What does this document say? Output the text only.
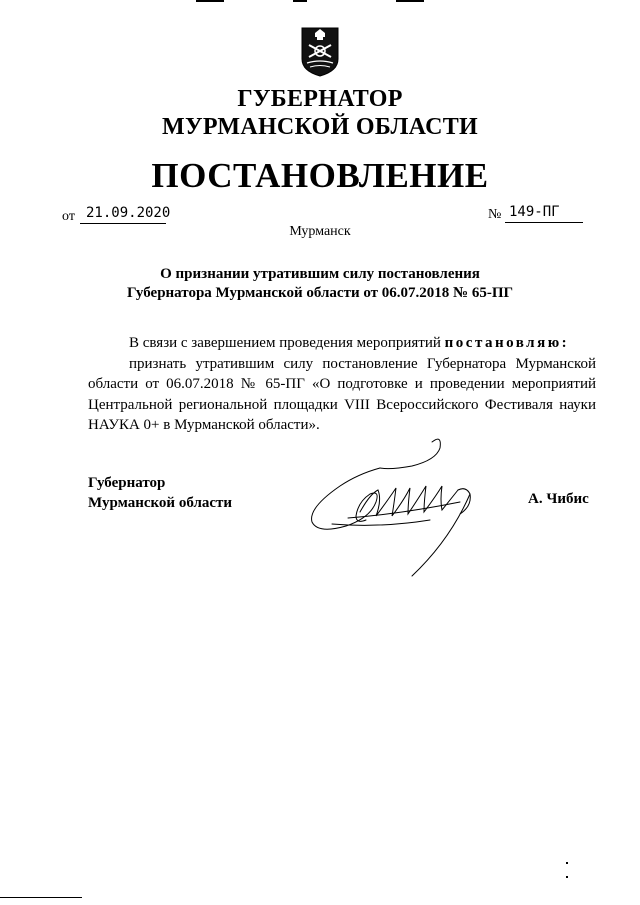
ГУБЕРНАТОР
МУРМАНСКОЙ ОБЛАСТИ
ПОСТАНОВЛЕНИЕ
от 21.09.2020	№ 149-ПГ
Мурманск
О признании утратившим силу постановления
Губернатора Мурманской области от 06.07.2018 № 65-ПГ
В связи с завершением проведения мероприятий постановляю:
признать утратившим силу постановление Губернатора Мурманской
области от 06.07.2018 № 65-ПГ «О подготовке и проведении мероприятий
Центральной региональной площадки VIII Всероссийского Фестиваля науки
НАУКА 0+ в Мурманской области».
Губернатор
Мурманской области	А. Чибис
